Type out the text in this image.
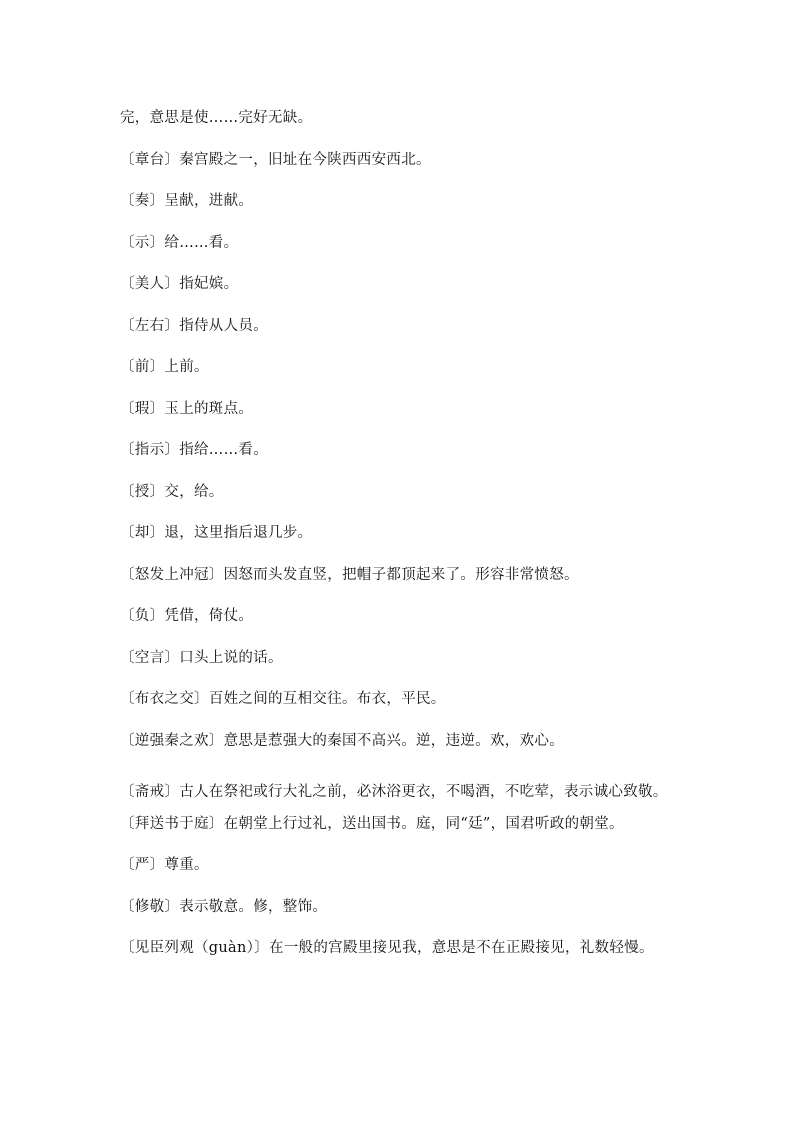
完，意思是使……完好无缺。
〔章台〕秦宫殿之一，旧址在今陕西西安西北。
〔奏〕呈献，进献。
〔示〕给……看。
〔美人〕指妃嫔。
〔左右〕指侍从人员。
〔前〕上前。
〔瑕〕玉上的斑点。
〔指示〕指给……看。
〔授〕交，给。
〔却〕退，这里指后退几步。
〔怒发上冲冠〕因怒而头发直竖，把帽子都顶起来了。形容非常愤怒。
〔负〕凭借，倚仗。
〔空言〕口头上说的话。
〔布衣之交〕百姓之间的互相交往。布衣，平民。
〔逆强秦之欢〕意思是惹强大的秦国不高兴。逆，违逆。欢，欢心。
〔斋戒〕古人在祭祀或行大礼之前，必沐浴更衣，不喝酒，不吃荤，表示诚心致敬。
〔拜送书于庭〕在朝堂上行过礼，送出国书。庭，同“廷”，国君听政的朝堂。
〔严〕尊重。
〔修敬〕表示敬意。修，整饰。
〔见臣列观（guàn）〕在一般的宫殿里接见我，意思是不在正殿接见，礼数轻慢。
